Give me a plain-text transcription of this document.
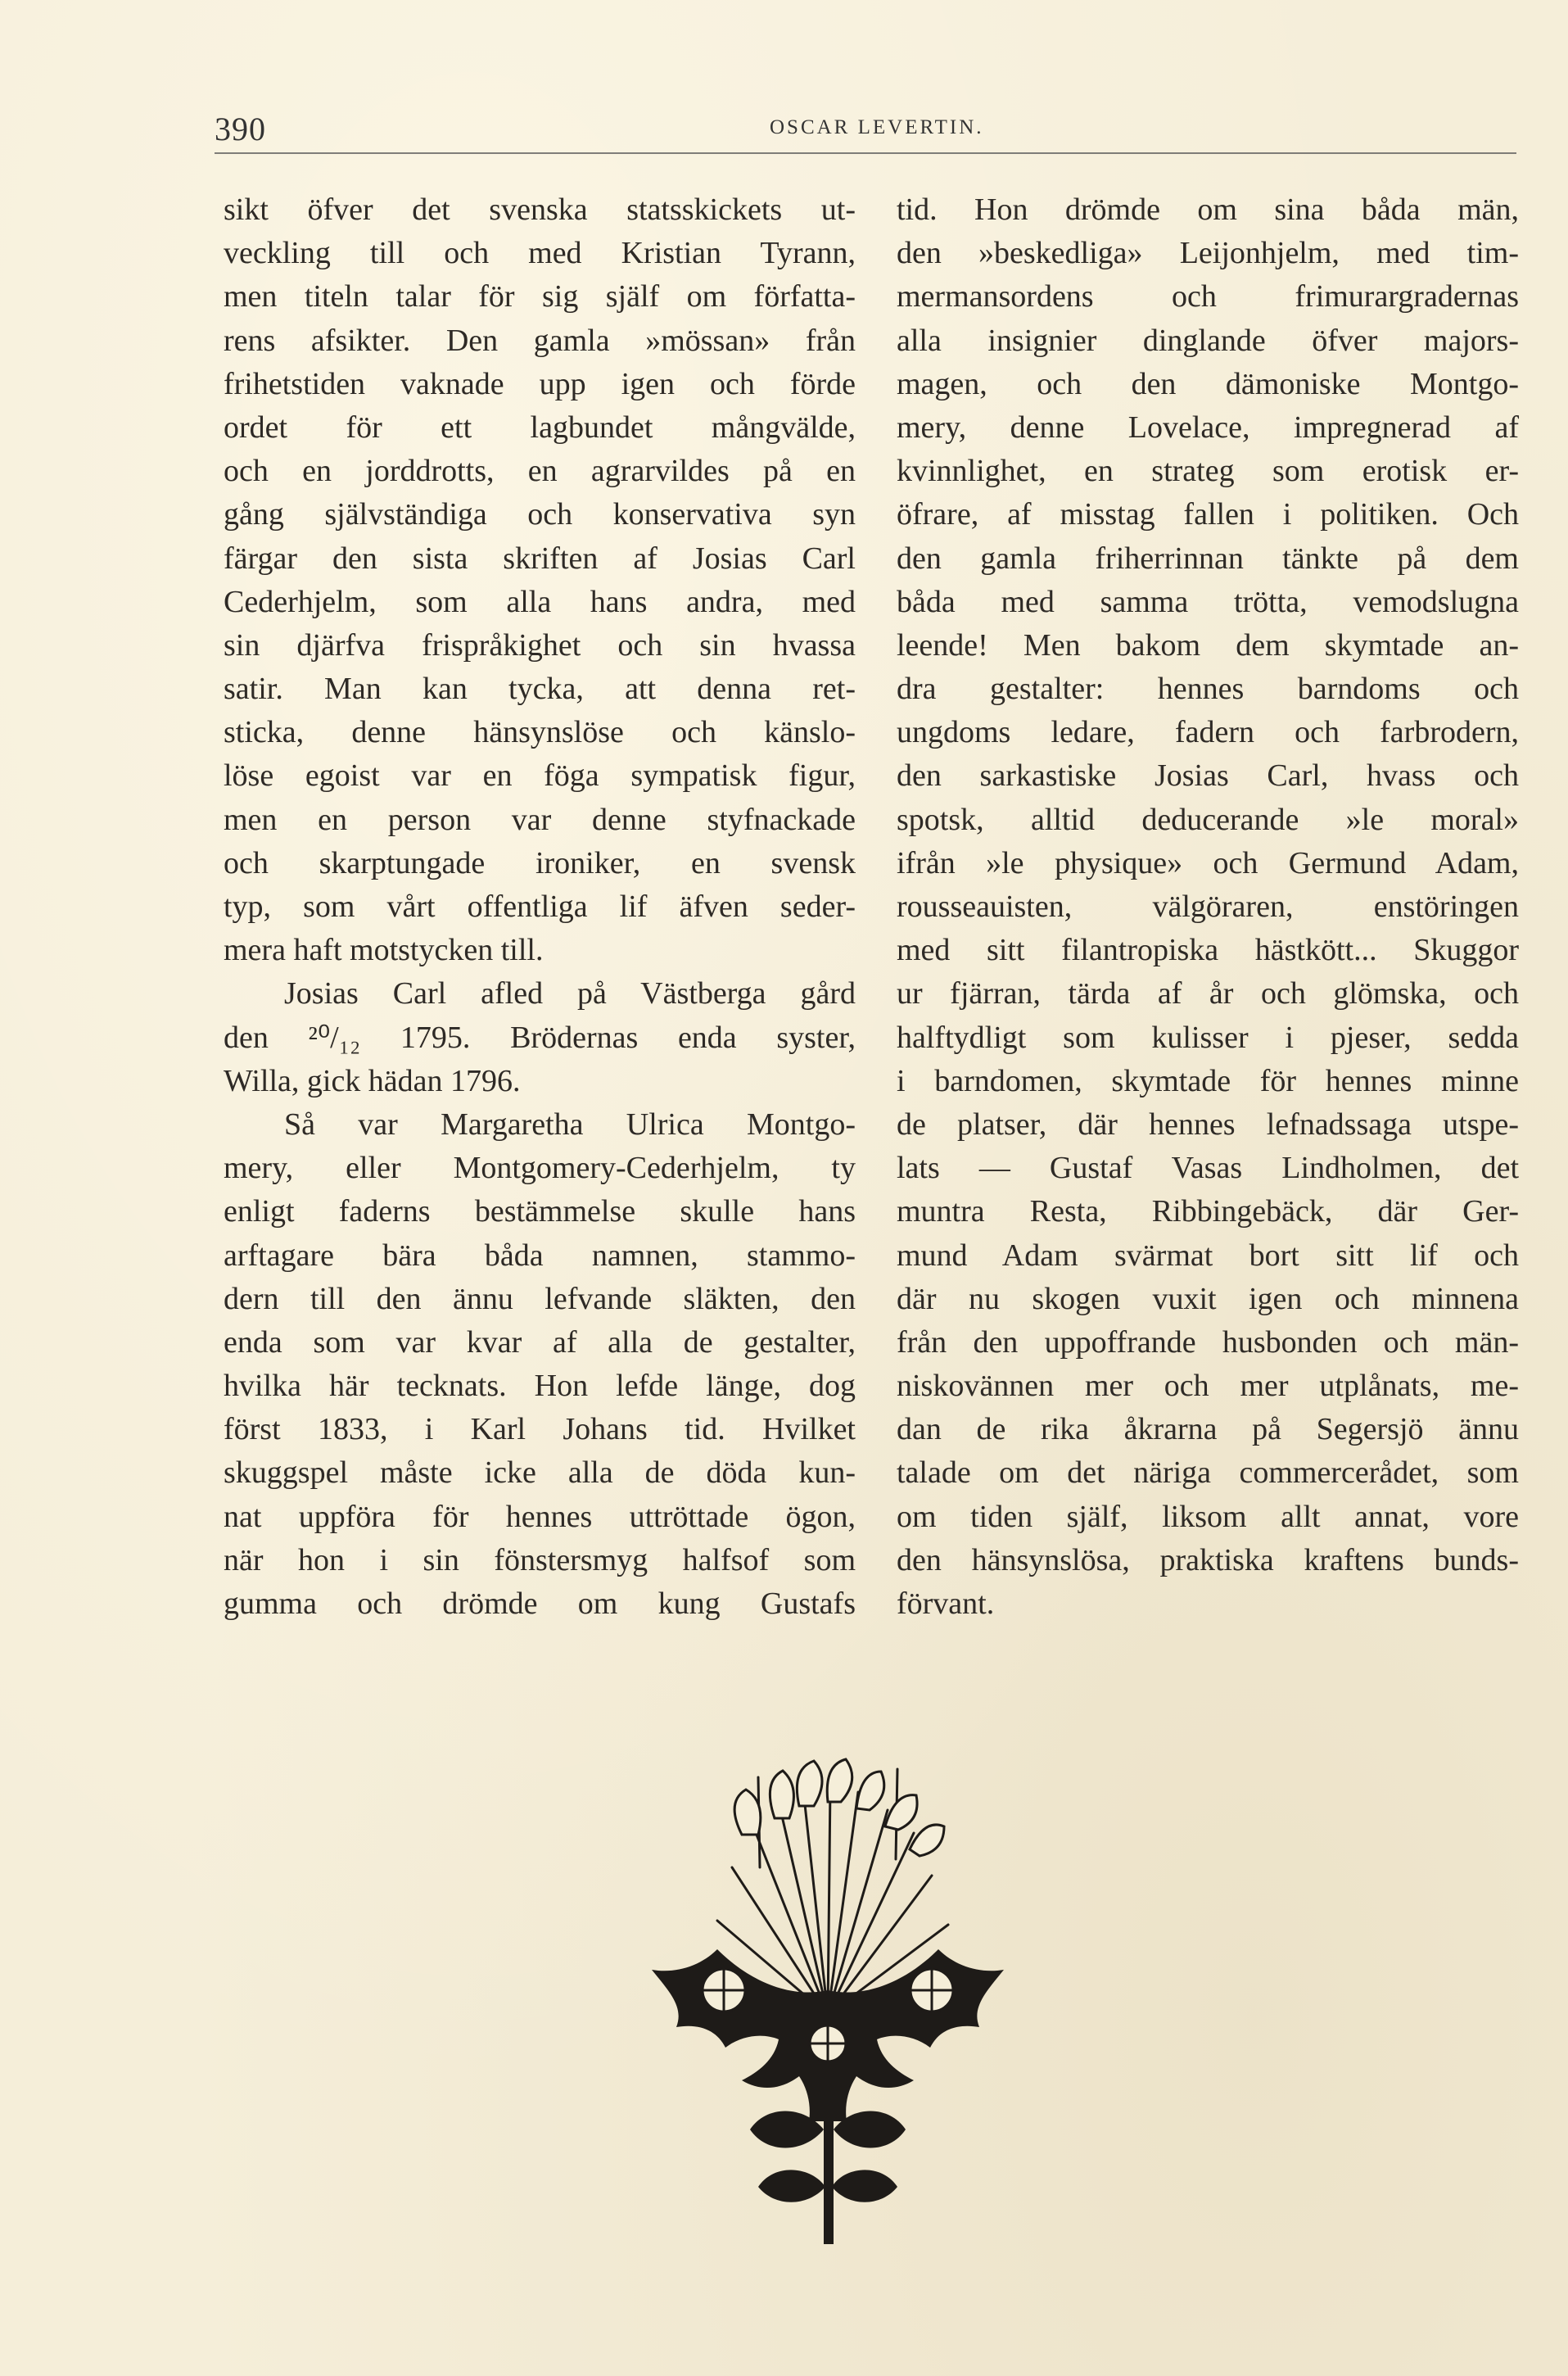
390	OSCAR LEVERTIN.
sikt öfver det svenska statsskickets ut-
veckling till och med Kristian Tyrann,
men titeln talar för sig själf om författa-
rens afsikter. Den gamla »mössan» från
frihetstiden vaknade upp igen och förde
ordet för ett lagbundet mångvälde,
och en jorddrotts, en agrarvildes på en
gång självständiga och konservativa syn
färgar den sista skriften af Josias Carl
Cederhjelm, som alla hans andra, med
sin djärfva frispråkighet och sin hvassa
satir. Man kan tycka, att denna ret-
sticka, denne hänsynslöse och känslo-
löse egoist var en föga sympatisk figur,
men en person var denne styfnackade
och skarptungade ironiker, en svensk
typ, som vårt offentliga lif äfven seder-
mera haft motstycken till.
Josias Carl afled på Västberga gård
den ²⁰/₁₂ 1795. Brödernas enda syster,
Willa, gick hädan 1796.
Så var Margaretha Ulrica Montgo-
mery, eller Montgomery-Cederhjelm, ty
enligt faderns bestämmelse skulle hans
arftagare bära båda namnen, stammo-
dern till den ännu lefvande släkten, den
enda som var kvar af alla de gestalter,
hvilka här tecknats. Hon lefde länge, dog
först 1833, i Karl Johans tid. Hvilket
skuggspel måste icke alla de döda kun-
nat uppföra för hennes uttröttade ögon,
när hon i sin fönstersmyg halfsof som
gumma och drömde om kung Gustafs
tid. Hon drömde om sina båda män,
den »beskedliga» Leijonhjelm, med tim-
mermansordens och frimurargradernas
alla insignier dinglande öfver majors-
magen, och den dämoniske Montgo-
mery, denne Lovelace, impregnerad af
kvinnlighet, en strateg som erotisk er-
öfrare, af misstag fallen i politiken. Och
den gamla friherrinnan tänkte på dem
båda med samma trötta, vemodslugna
leende! Men bakom dem skymtade an-
dra gestalter: hennes barndoms och
ungdoms ledare, fadern och farbrodern,
den sarkastiske Josias Carl, hvass och
spotsk, alltid deducerande »le moral»
ifrån »le physique» och Germund Adam,
rousseauisten, välgöraren, enstöringen
med sitt filantropiska hästkött... Skuggor
ur fjärran, tärda af år och glömska, och
halftydligt som kulisser i pjeser, sedda
i barndomen, skymtade för hennes minne
de platser, där hennes lefnadssaga utspe-
lats — Gustaf Vasas Lindholmen, det
muntra Resta, Ribbingebäck, där Ger-
mund Adam svärmat bort sitt lif och
där nu skogen vuxit igen och minnena
från den uppoffrande husbonden och män-
niskovännen mer och mer utplånats, me-
dan de rika åkrarna på Segersjö ännu
talade om det näriga commercerådet, som
om tiden själf, liksom allt annat, vore
den hänsynslösa, praktiska kraftens bunds-
förvant.
